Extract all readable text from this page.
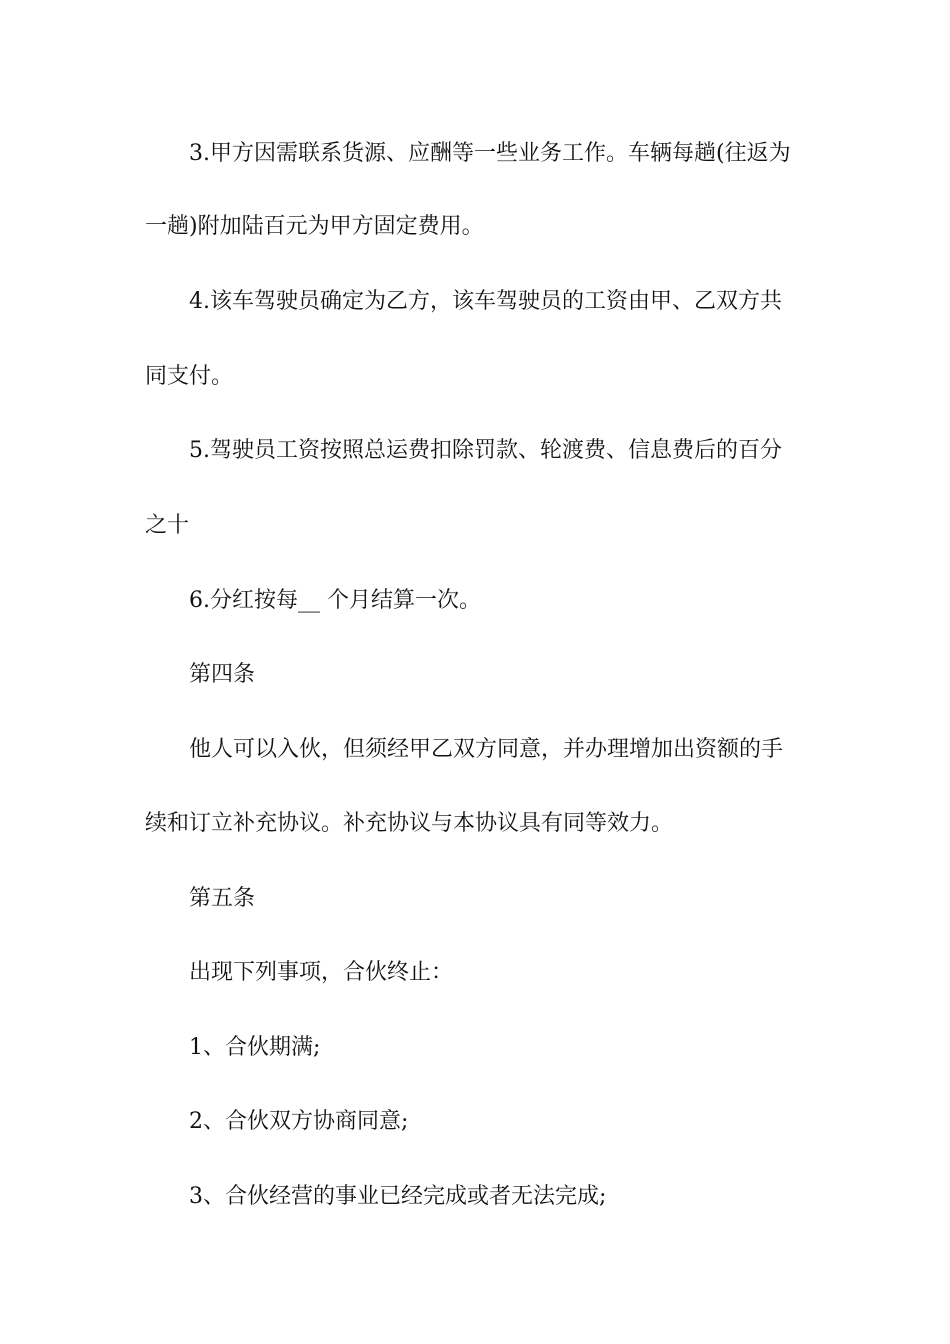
3.甲方因需联系货源、应酬等一些业务工作。车辆每趟(往返为
一趟)附加陆百元为甲方固定费用。
4.该车驾驶员确定为乙方，该车驾驶员的工资由甲、乙双方共
同支付。
5.驾驶员工资按照总运费扣除罚款、轮渡费、信息费后的百分
之十
6.分红按每__ 个月结算一次。
第四条
他人可以入伙，但须经甲乙双方同意，并办理增加出资额的手
续和订立补充协议。补充协议与本协议具有同等效力。
第五条
出现下列事项，合伙终止：
1、合伙期满;
2、合伙双方协商同意;
3、合伙经营的事业已经完成或者无法完成;
